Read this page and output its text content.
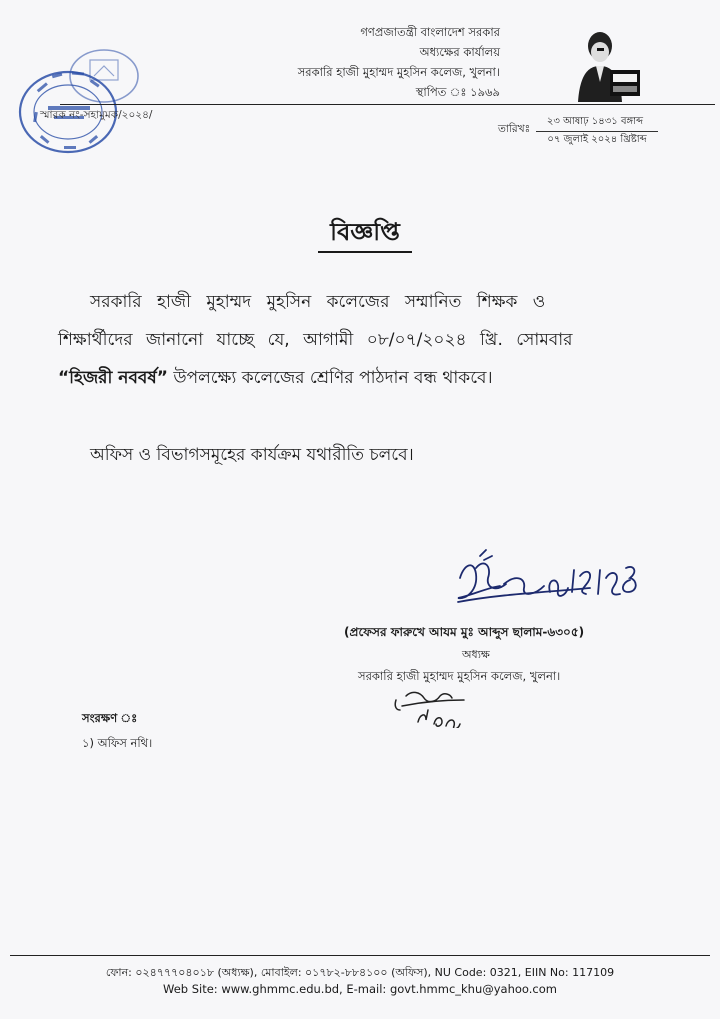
গণপ্রজাতন্ত্রী বাংলাদেশ সরকার
অধ্যক্ষের কার্যালয়
সরকারি হাজী মুহাম্মদ মুহসিন কলেজ, খুলনা।
স্থাপিত ঃ ১৯৬৯
স্মারক নং-সহামুমক/২০২৪/
তারিখঃ
২৩ আষাঢ় ১৪৩১ বঙ্গাব্দ
০৭ জুলাই ২০২৪ খ্রিষ্টাব্দ
বিজ্ঞপ্তি
সরকারি হাজী মুহাম্মদ মুহসিন কলেজের সম্মানিত শিক্ষক ও
শিক্ষার্থীদের জানানো যাচ্ছে যে, আগামী ০৮/০৭/২০২৪ খ্রি. সোমবার
“হিজরী নববর্ষ” উপলক্ষ্যে কলেজের শ্রেণির পাঠদান বন্ধ থাকবে।
অফিস ও বিভাগসমূহের কার্যক্রম যথারীতি চলবে।
(প্রফেসর ফারুখে আযম মুঃ আব্দুস ছালাম-৬৩০৫)
অধ্যক্ষ
সরকারি হাজী মুহাম্মদ মুহসিন কলেজ, খুলনা।
সংরক্ষণ ঃ
১) অফিস নথি।
ফোন: ০২৪৭৭৭০৪০১৮ (অধ্যক্ষ), মোবাইল: ০১৭৮২-৮৮৪১০০ (অফিস), NU Code: 0321, EIIN No: 117109
Web Site: www.ghmmc.edu.bd, E-mail: govt.hmmc_khu@yahoo.com
